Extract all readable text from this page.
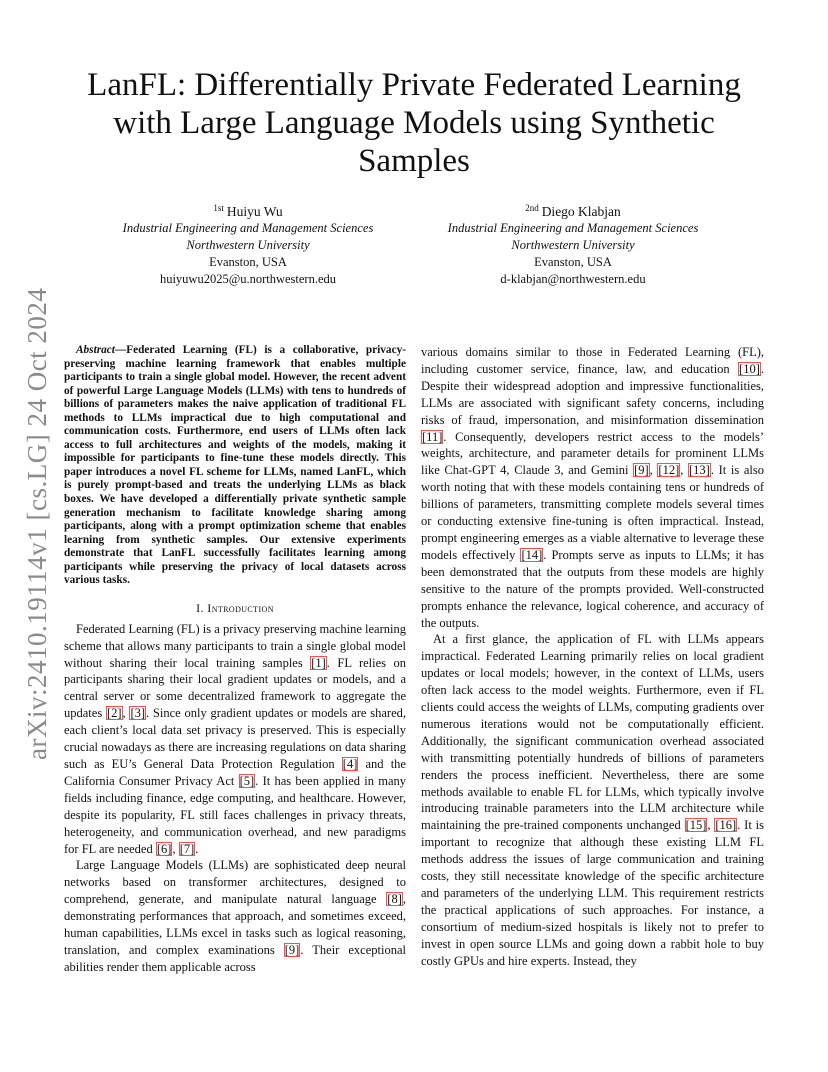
arXiv:2410.19114v1 [cs.LG] 24 Oct 2024
LanFL: Differentially Private Federated Learning
with Large Language Models using Synthetic
Samples
$^{1st}$ Huiyu Wu
Industrial Engineering and Management Sciences
Northwestern University
Evanston, USA
huiyuwu2025@u.northwestern.edu
$^{2nd}$ Diego Klabjan
Industrial Engineering and Management Sciences
Northwestern University
Evanston, USA
d-klabjan@northwestern.edu

Abstract—Federated Learning (FL) is a collaborative, privacy-preserving machine learning framework that enables multiple participants to train a single global model. However, the recent advent of powerful Large Language Models (LLMs) with tens to hundreds of billions of parameters makes the naive application of traditional FL methods to LLMs impractical due to high computational and communication costs. Furthermore, end users of LLMs often lack access to full architectures and weights of the models, making it impossible for participants to fine-tune these models directly. This paper introduces a novel FL scheme for LLMs, named LanFL, which is purely prompt-based and treats the underlying LLMs as black boxes. We have developed a differentially private synthetic sample generation mechanism to facilitate knowledge sharing among participants, along with a prompt optimization scheme that enables learning from synthetic samples. Our extensive experiments demonstrate that LanFL successfully facilitates learning among participants while preserving the privacy of local datasets across various tasks.

I. Introduction

Federated Learning (FL) is a privacy preserving machine learning scheme that allows many participants to train a single global model without sharing their local training samples [1]. FL relies on participants sharing their local gradient updates or models, and a central server or some decentralized framework to aggregate the updates [2], [3]. Since only gradient updates or models are shared, each client’s local data set privacy is preserved. This is especially crucial nowadays as there are increasing regulations on data sharing such as EU’s General Data Protection Regulation [4] and the California Consumer Privacy Act [5]. It has been applied in many fields including finance, edge computing, and healthcare. However, despite its popularity, FL still faces challenges in privacy threats, heterogeneity, and communication overhead, and new paradigms for FL are needed [6], [7].

Large Language Models (LLMs) are sophisticated deep neural networks based on transformer architectures, designed to comprehend, generate, and manipulate natural language [8], demonstrating performances that approach, and sometimes exceed, human capabilities, LLMs excel in tasks such as logical reasoning, translation, and complex examinations [9]. Their exceptional abilities render them applicable across

various domains similar to those in Federated Learning (FL), including customer service, finance, law, and education [10]. Despite their widespread adoption and impressive functionalities, LLMs are associated with significant safety concerns, including risks of fraud, impersonation, and misinformation dissemination [11]. Consequently, developers restrict access to the models’ weights, architecture, and parameter details for prominent LLMs like Chat-GPT 4, Claude 3, and Gemini [9], [12], [13]. It is also worth noting that with these models containing tens or hundreds of billions of parameters, transmitting complete models several times or conducting extensive fine-tuning is often impractical. Instead, prompt engineering emerges as a viable alternative to leverage these models effectively [14]. Prompts serve as inputs to LLMs; it has been demonstrated that the outputs from these models are highly sensitive to the nature of the prompts provided. Well-constructed prompts enhance the relevance, logical coherence, and accuracy of the outputs.

At a first glance, the application of FL with LLMs appears impractical. Federated Learning primarily relies on local gradient updates or local models; however, in the context of LLMs, users often lack access to the model weights. Furthermore, even if FL clients could access the weights of LLMs, computing gradients over numerous iterations would not be computationally efficient. Additionally, the significant communication overhead associated with transmitting potentially hundreds of billions of parameters renders the process inefficient. Nevertheless, there are some methods available to enable FL for LLMs, which typically involve introducing trainable parameters into the LLM architecture while maintaining the pre-trained components unchanged [15], [16]. It is important to recognize that although these existing LLM FL methods address the issues of large communication and training costs, they still necessitate knowledge of the specific architecture and parameters of the underlying LLM. This requirement restricts the practical applications of such approaches. For instance, a consortium of medium-sized hospitals is likely not to prefer to invest in open source LLMs and going down a rabbit hole to buy costly GPUs and hire experts. Instead, they
